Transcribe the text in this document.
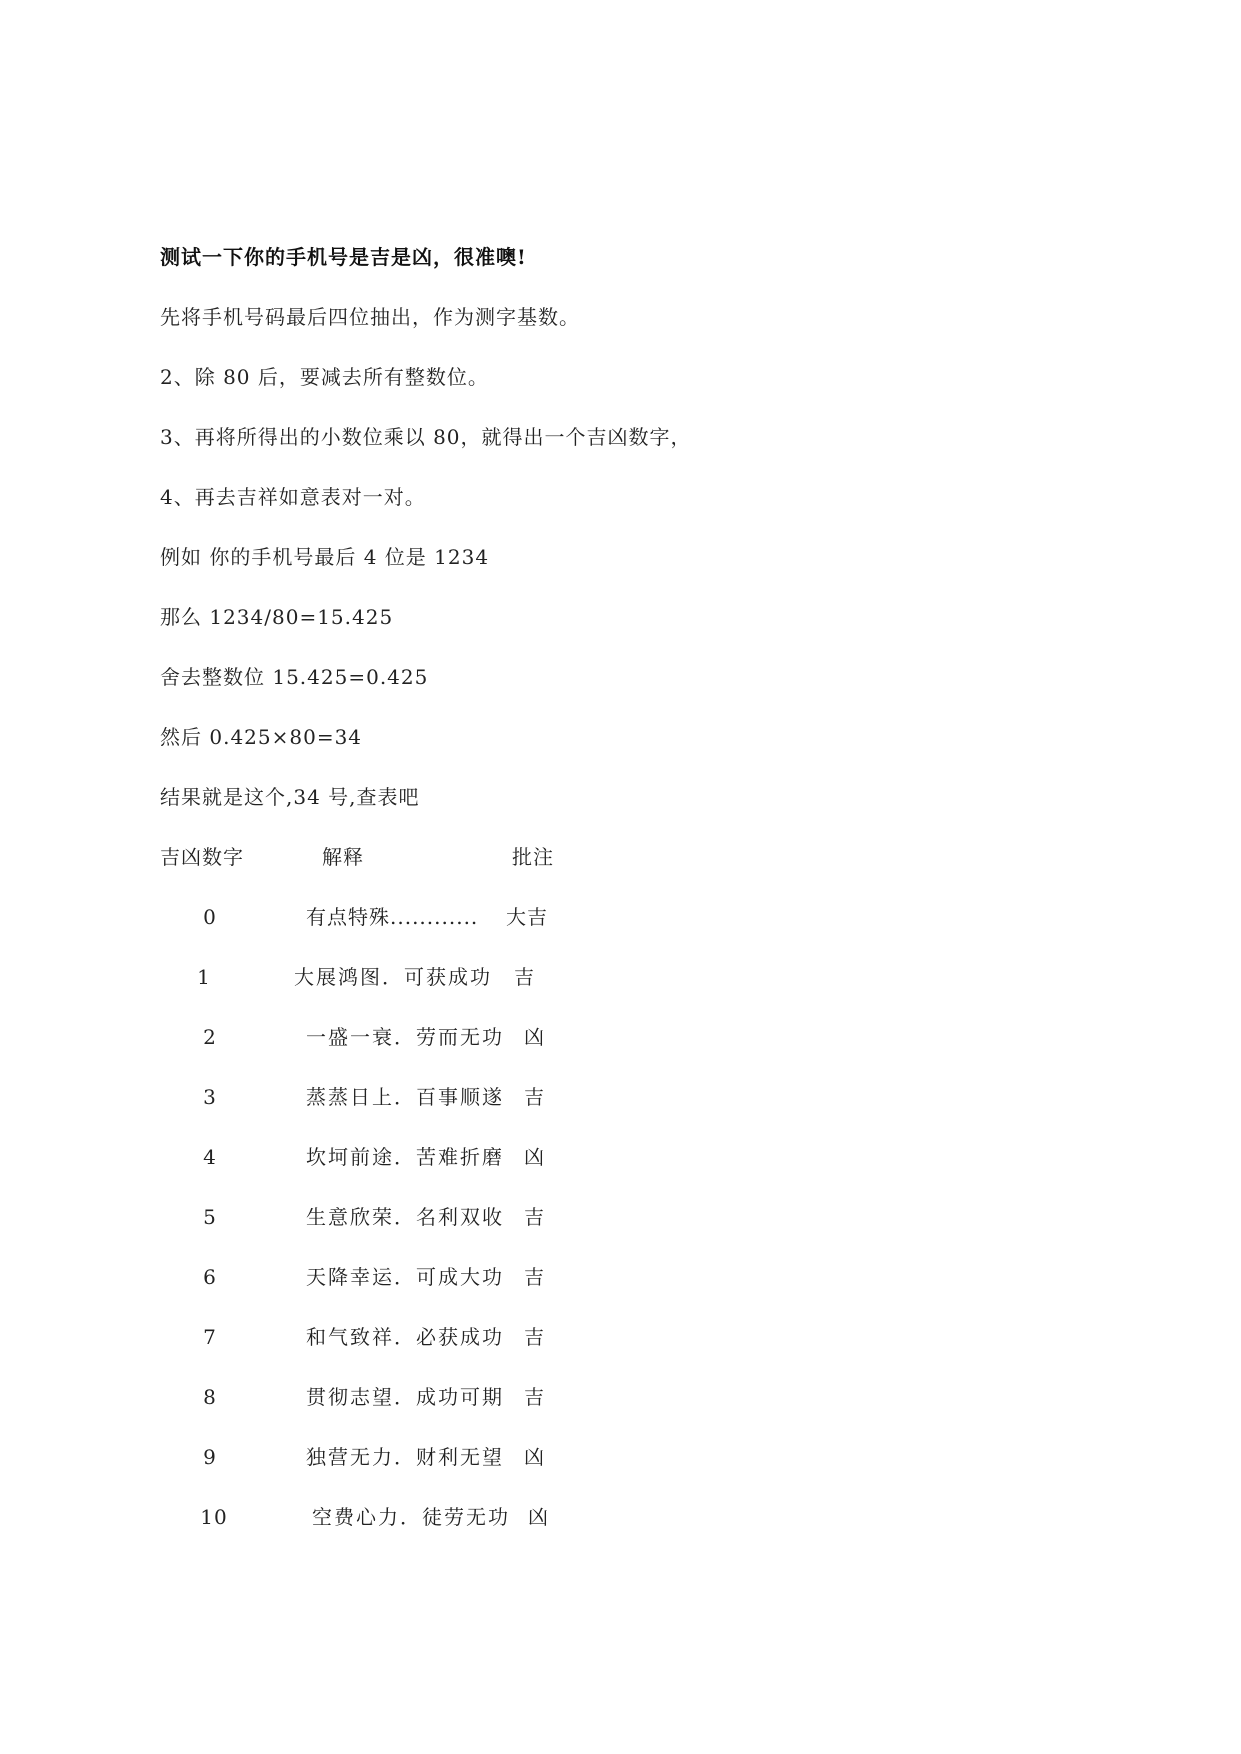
测试一下你的手机号是吉是凶，很准噢!
先将手机号码最后四位抽出，作为测字基数。
2、除 80 后，要减去所有整数位。
3、再将所得出的小数位乘以 80，就得出一个吉凶数字，
4、再去吉祥如意表对一对。
例如 你的手机号最后 4 位是 1234
那么 1234/80=15.425
舍去整数位 15.425=0.425
然后 0.425×80=34
结果就是这个,34 号,查表吧
吉凶数字	解释	批注
0	有点特殊............ 大吉
1	大展鸿图．可获成功 吉
2	一盛一衰．劳而无功 凶
3	蒸蒸日上．百事顺遂 吉
4	坎坷前途．苦难折磨 凶
5	生意欣荣．名利双收 吉
6	天降幸运．可成大功 吉
7	和气致祥．必获成功 吉
8	贯彻志望．成功可期 吉
9	独营无力．财利无望 凶
10	空费心力．徒劳无功 凶
